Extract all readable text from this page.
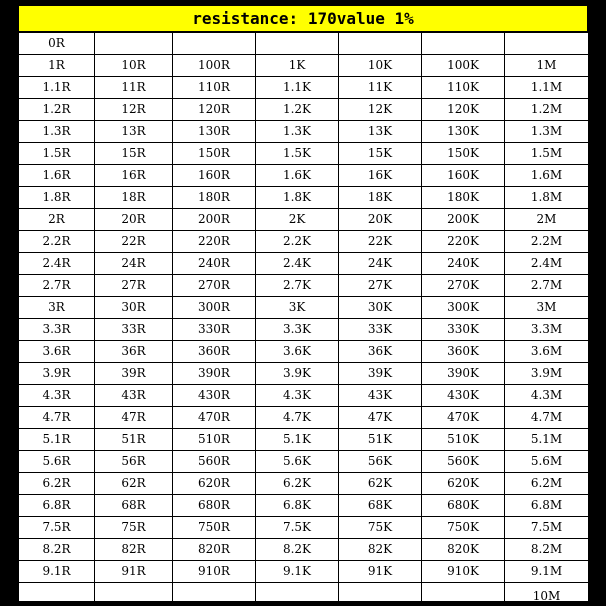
resistance: 170value 1%
0R						
1R	10R	100R	1K	10K	100K	1M
1.1R	11R	110R	1.1K	11K	110K	1.1M
1.2R	12R	120R	1.2K	12K	120K	1.2M
1.3R	13R	130R	1.3K	13K	130K	1.3M
1.5R	15R	150R	1.5K	15K	150K	1.5M
1.6R	16R	160R	1.6K	16K	160K	1.6M
1.8R	18R	180R	1.8K	18K	180K	1.8M
2R	20R	200R	2K	20K	200K	2M
2.2R	22R	220R	2.2K	22K	220K	2.2M
2.4R	24R	240R	2.4K	24K	240K	2.4M
2.7R	27R	270R	2.7K	27K	270K	2.7M
3R	30R	300R	3K	30K	300K	3M
3.3R	33R	330R	3.3K	33K	330K	3.3M
3.6R	36R	360R	3.6K	36K	360K	3.6M
3.9R	39R	390R	3.9K	39K	390K	3.9M
4.3R	43R	430R	4.3K	43K	430K	4.3M
4.7R	47R	470R	4.7K	47K	470K	4.7M
5.1R	51R	510R	5.1K	51K	510K	5.1M
5.6R	56R	560R	5.6K	56K	560K	5.6M
6.2R	62R	620R	6.2K	62K	620K	6.2M
6.8R	68R	680R	6.8K	68K	680K	6.8M
7.5R	75R	750R	7.5K	75K	750K	7.5M
8.2R	82R	820R	8.2K	82K	820K	8.2M
9.1R	91R	910R	9.1K	91K	910K	9.1M
						10M
